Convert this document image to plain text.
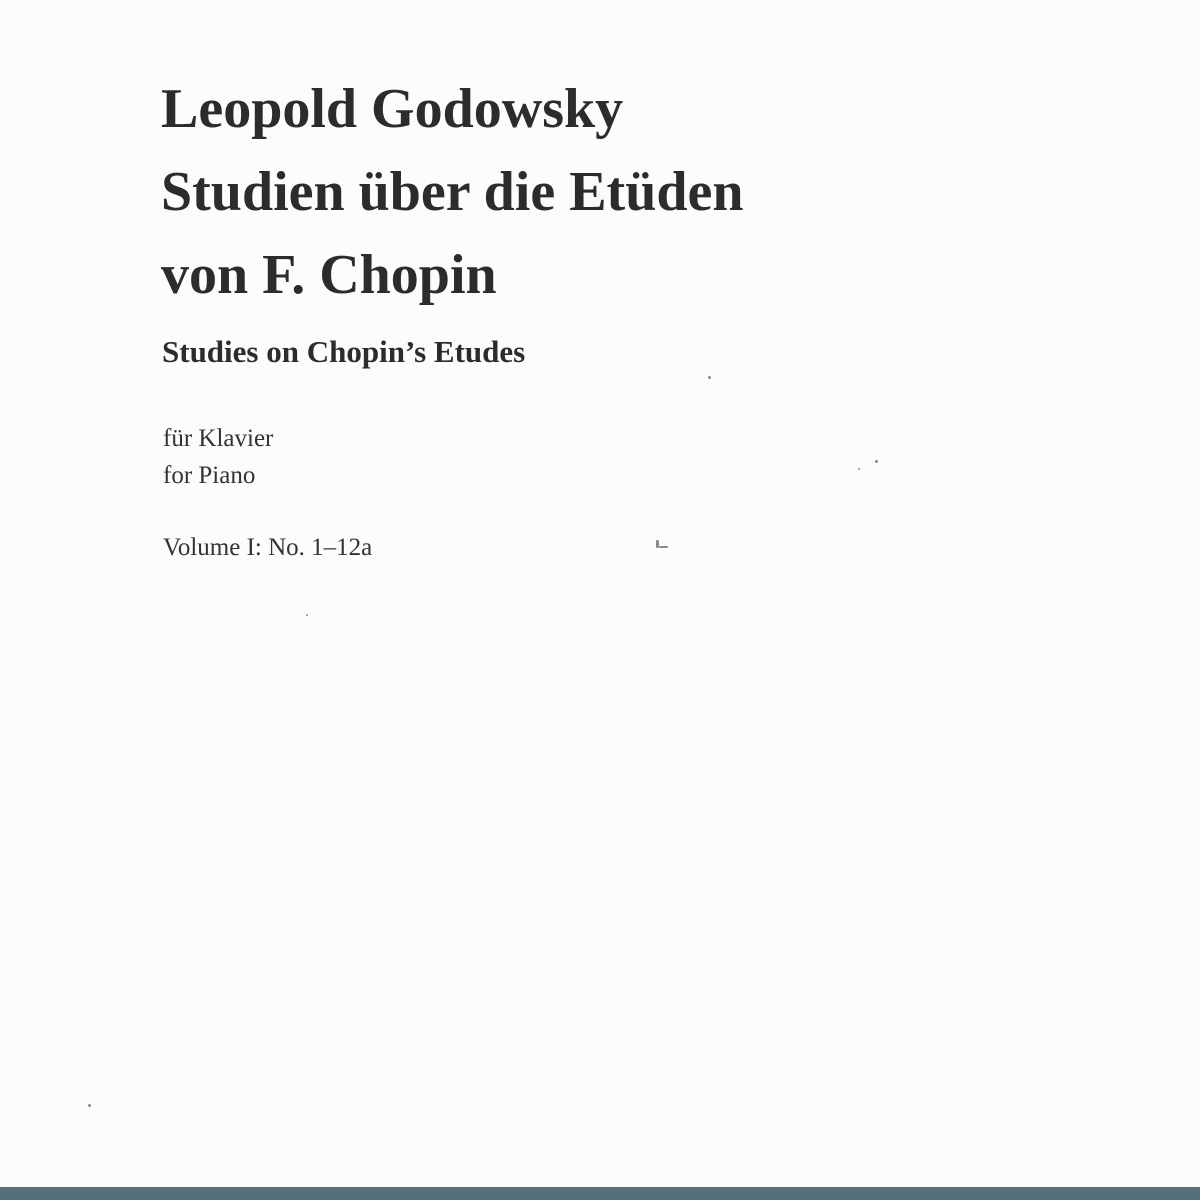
Leopold Godowsky
Studien über die Etüden
von F. Chopin
Studies on Chopin’s Etudes
für Klavier
for Piano
Volume I: No. 1–12a
